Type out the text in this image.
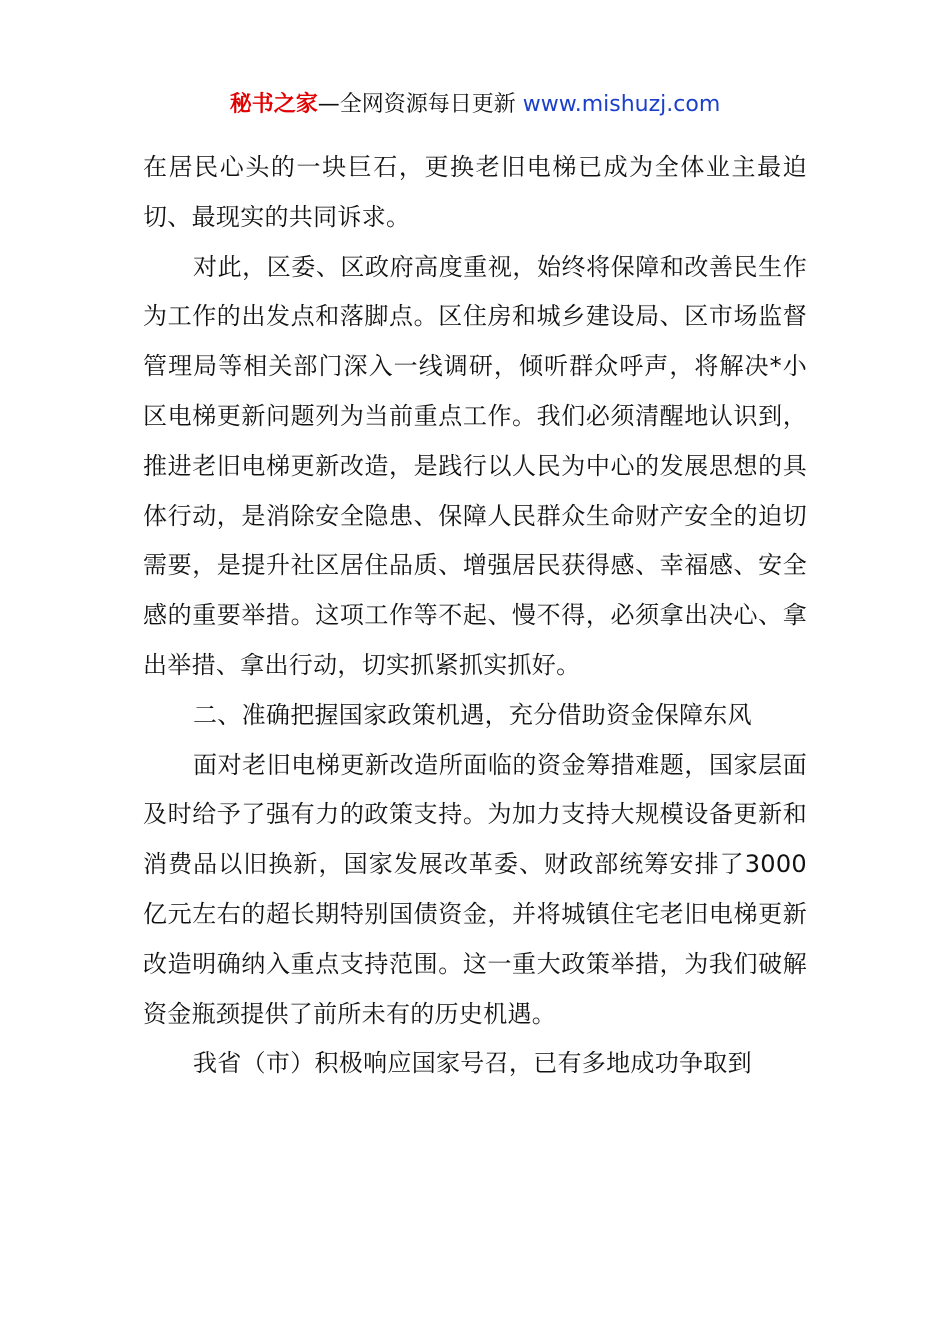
秘书之家—全网资源每日更新 www.mishuzj.com

在居民心头的一块巨石，更换老旧电梯已成为全体业主最迫切、最现实的共同诉求。

对此，区委、区政府高度重视，始终将保障和改善民生作为工作的出发点和落脚点。区住房和城乡建设局、区市场监督管理局等相关部门深入一线调研，倾听群众呼声，将解决*小区电梯更新问题列为当前重点工作。我们必须清醒地认识到，推进老旧电梯更新改造，是践行以人民为中心的发展思想的具体行动，是消除安全隐患、保障人民群众生命财产安全的迫切需要，是提升社区居住品质、增强居民获得感、幸福感、安全感的重要举措。这项工作等不起、慢不得，必须拿出决心、拿出举措、拿出行动，切实抓紧抓实抓好。

二、准确把握国家政策机遇，充分借助资金保障东风

面对老旧电梯更新改造所面临的资金筹措难题，国家层面及时给予了强有力的政策支持。为加力支持大规模设备更新和消费品以旧换新，国家发展改革委、财政部统筹安排了3000亿元左右的超长期特别国债资金，并将城镇住宅老旧电梯更新改造明确纳入重点支持范围。这一重大政策举措，为我们破解资金瓶颈提供了前所未有的历史机遇。

我省（市）积极响应国家号召，已有多地成功争取到
